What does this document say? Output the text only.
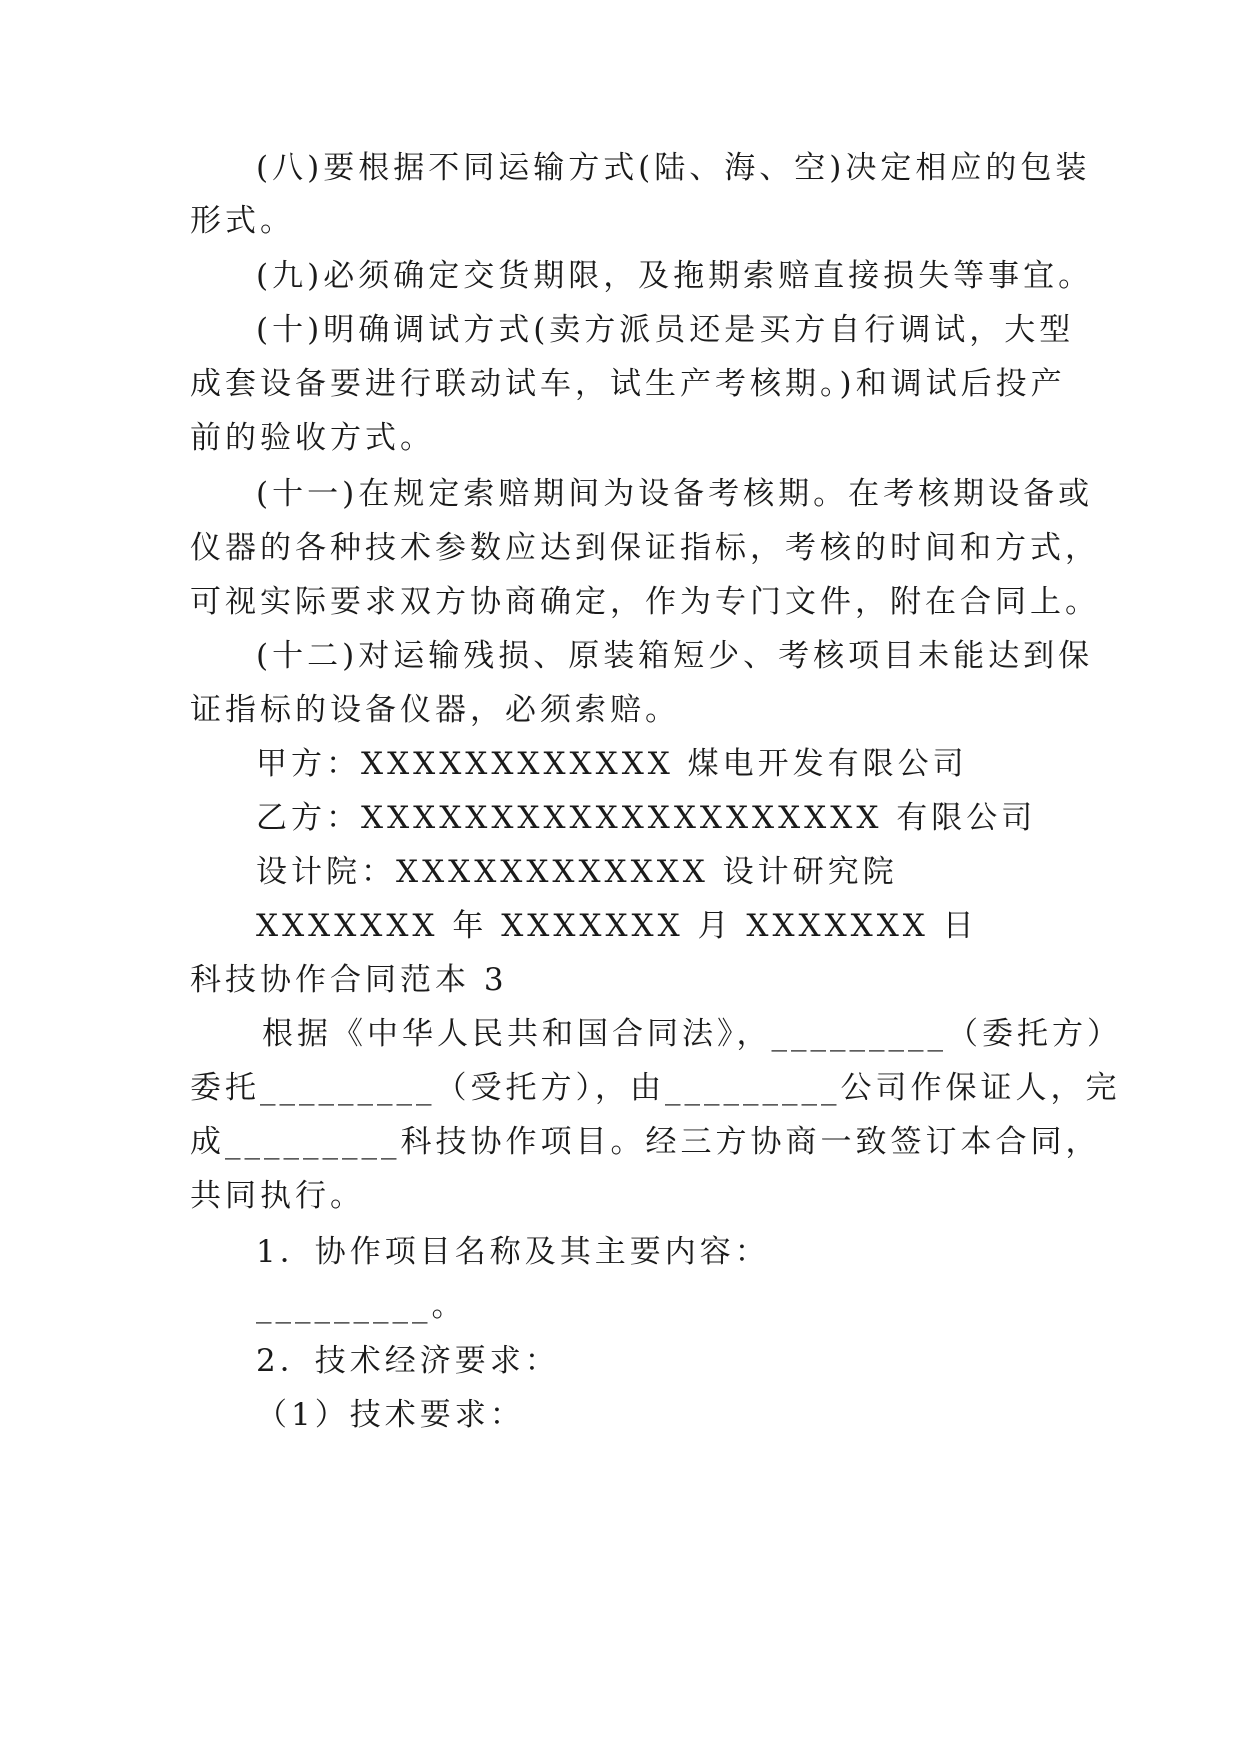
(八)要根据不同运输方式(陆、海、空)决定相应的包装
形式。
(九)必须确定交货期限，及拖期索赔直接损失等事宜。
(十)明确调试方式(卖方派员还是买方自行调试，大型
成套设备要进行联动试车，试生产考核期。)和调试后投产
前的验收方式。
(十一)在规定索赔期间为设备考核期。在考核期设备或
仪器的各种技术参数应达到保证指标，考核的时间和方式，
可视实际要求双方协商确定，作为专门文件，附在合同上。
(十二)对运输残损、原装箱短少、考核项目未能达到保
证指标的设备仪器，必须索赔。
甲方：XXXXXXXXXXXX 煤电开发有限公司
乙方：XXXXXXXXXXXXXXXXXXXX 有限公司
设计院：XXXXXXXXXXXX 设计研究院
XXXXXXX 年 XXXXXXX 月 XXXXXXX 日
科技协作合同范本 3
根据《中华人民共和国合同法》，_________（委托方）
委托_________（受托方），由_________公司作保证人，完
成_________科技协作项目。经三方协商一致签订本合同，
共同执行。
1．协作项目名称及其主要内容：
_________。
2．技术经济要求：
（1）技术要求：
